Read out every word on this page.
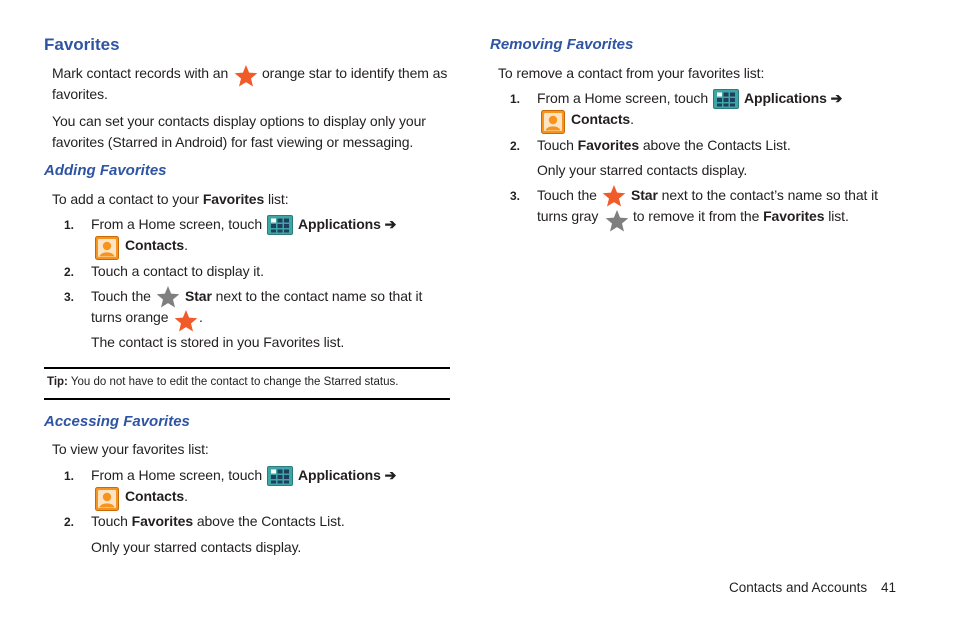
Favorites
Mark contact records with an orange star to identify them as
favorites.
You can set your contacts display options to display only your
favorites (Starred in Android) for fast viewing or messaging.
Adding Favorites
To add a contact to your Favorites list:
1. From a Home screen, touch	Applications ➔
Contacts.
2. Touch a contact to display it.
3. Touch the Star next to the contact name so that it
turns orange .
The contact is stored in you Favorites list.
Tip: You do not have to edit the contact to change the Starred status.
Accessing Favorites
To view your favorites list:
1. From a Home screen, touch	Applications ➔
Contacts.
2. Touch Favorites above the Contacts List.
Only your starred contacts display.
Removing Favorites
To remove a contact from your favorites list:
1. From a Home screen, touch	Applications ➔
Contacts.
2. Touch Favorites above the Contacts List.
Only your starred contacts display.
3. Touch the Star next to the contact’s name so that it
turns gray to remove it from the Favorites list.
Contacts and Accounts 41
